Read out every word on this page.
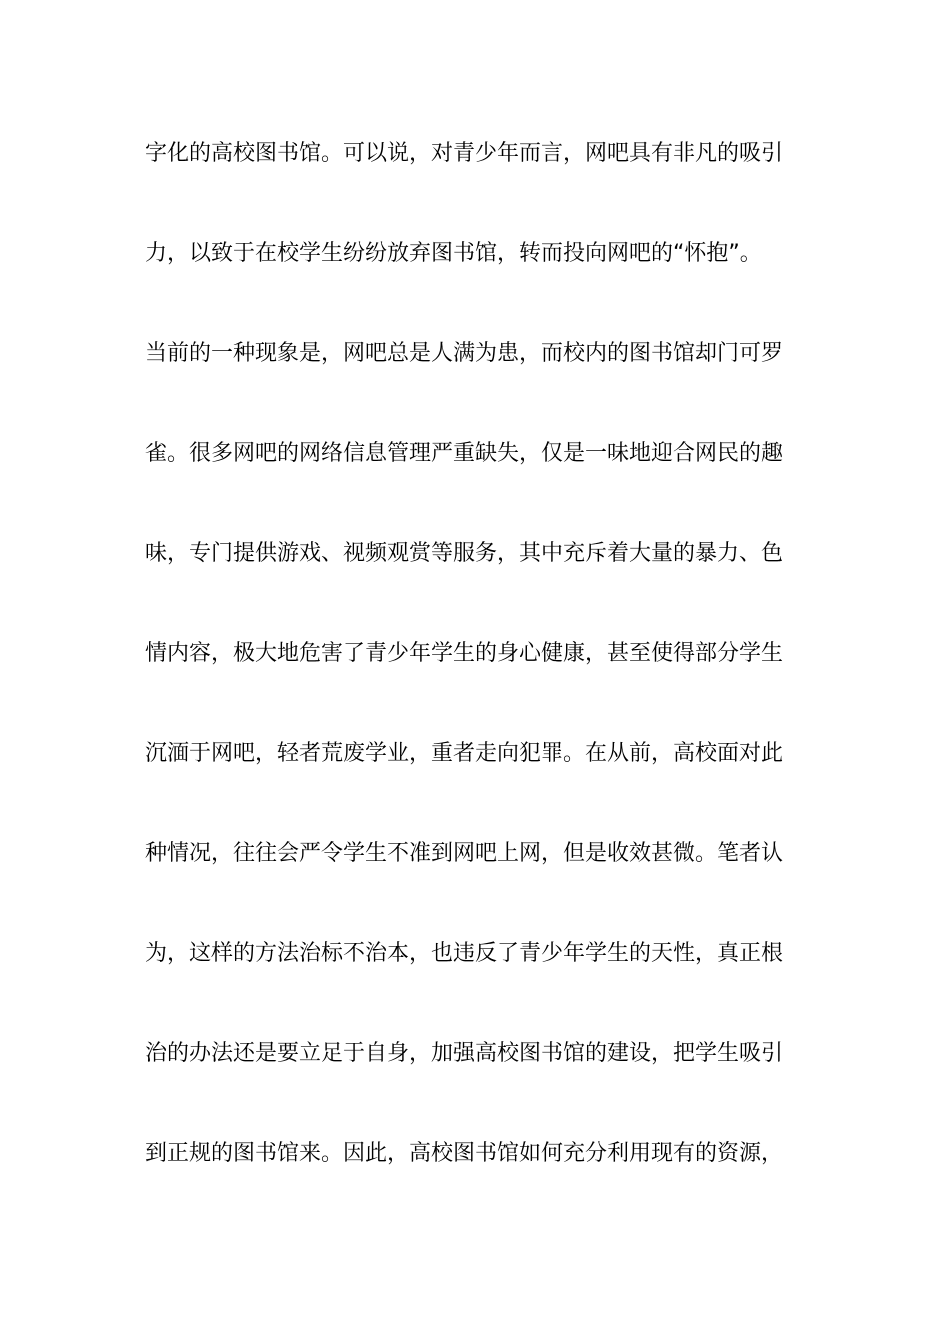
字化的高校图书馆。可以说，对青少年而言，网吧具有非凡的吸引
力，以致于在校学生纷纷放弃图书馆，转而投向网吧的“怀抱”。
当前的一种现象是，网吧总是人满为患，而校内的图书馆却门可罗
雀。很多网吧的网络信息管理严重缺失，仅是一味地迎合网民的趣
味，专门提供游戏、视频观赏等服务，其中充斥着大量的暴力、色
情内容，极大地危害了青少年学生的身心健康，甚至使得部分学生
沉湎于网吧，轻者荒废学业，重者走向犯罪。在从前，高校面对此
种情况，往往会严令学生不准到网吧上网，但是收效甚微。笔者认
为，这样的方法治标不治本，也违反了青少年学生的天性，真正根
治的办法还是要立足于自身，加强高校图书馆的建设，把学生吸引
到正规的图书馆来。因此，高校图书馆如何充分利用现有的资源，
